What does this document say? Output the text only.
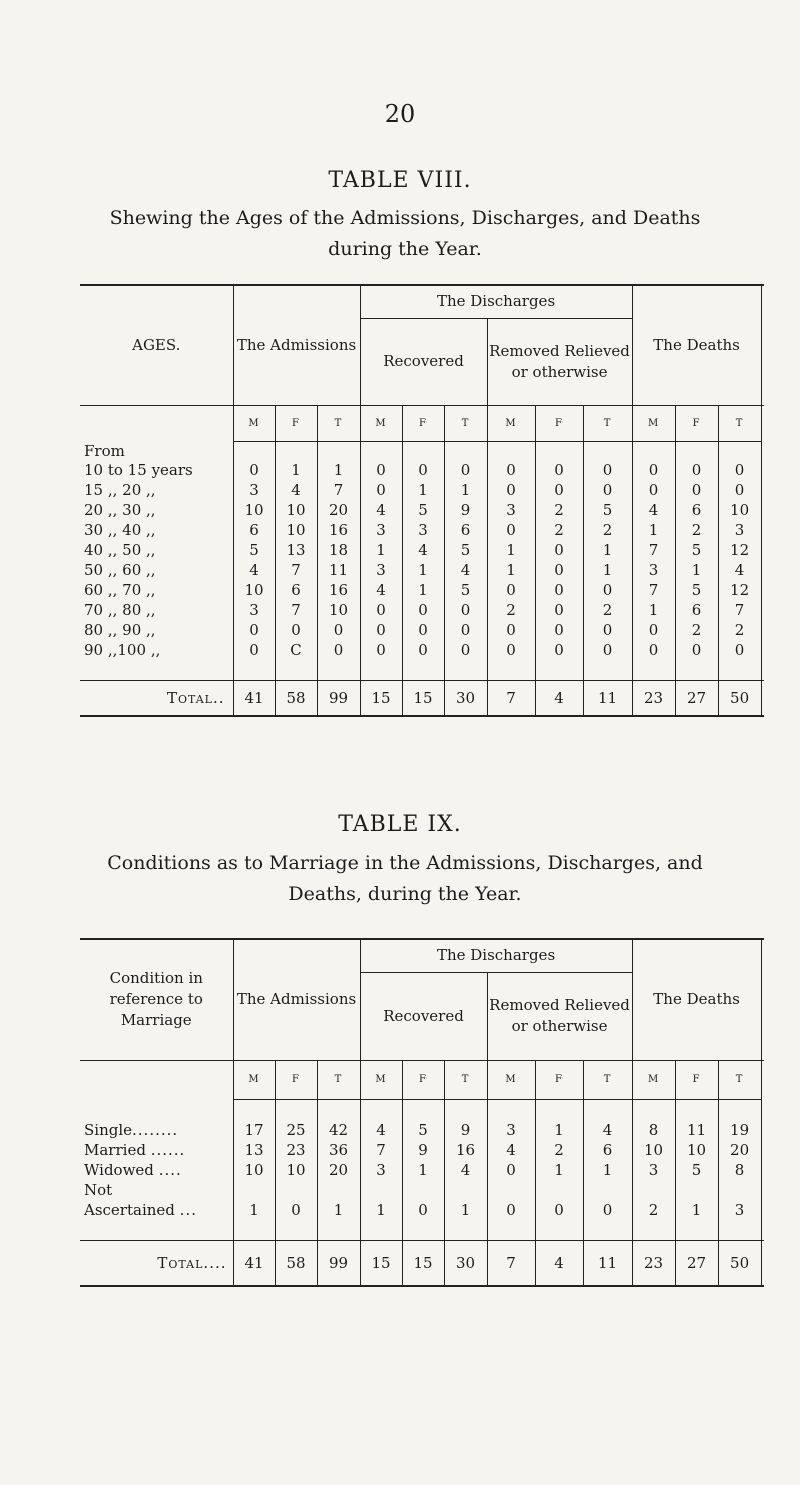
20
TABLE VIII.
Shewing the Ages of the Admissions, Discharges, and Deaths during the Year.
AGES.	The Admissions			The Discharges						The Deaths			
				Recovered			Removed Relieved or otherwise						
	M	F	T	M	F	T	M	F	T	M	F	T	
From													
10 to 15 years	0	1	1	0	0	0	0	0	0	0	0	0	
15 ,, 20 ,,	3	4	7	0	1	1	0	0	0	0	0	0	
20 ,, 30 ,,	10	10	20	4	5	9	3	2	5	4	6	10	
30 ,, 40 ,,	6	10	16	3	3	6	0	2	2	1	2	3	
40 ,, 50 ,,	5	13	18	1	4	5	1	0	1	7	5	12	
50 ,, 60 ,,	4	7	11	3	1	4	1	0	1	3	1	4	
60 ,, 70 ,,	10	6	16	4	1	5	0	0	0	7	5	12	
70 ,, 80 ,,	3	7	10	0	0	0	2	0	2	1	6	7	
80 ,, 90 ,,	0	0	0	0	0	0	0	0	0	0	2	2	
90 ,,100 ,,	0	C	0	0	0	0	0	0	0	0	0	0	

Total..	41	58	99	15	15	30	7	4	11	23	27	50	
TABLE IX.
Conditions as to Marriage in the Admissions, Discharges, and Deaths, during the Year.
Condition in reference to Marriage	The Admissions			The Discharges						The Deaths			
				Recovered			Removed Relieved or otherwise						
	M	F	T	M	F	T	M	F	T	M	F	T	

Single........	17	25	42	4	5	9	3	1	4	8	11	19	
Married ......	13	23	36	7	9	16	4	2	6	10	10	20	
Widowed ....	10	10	20	3	1	4	0	1	1	3	5	8	
Not													
Ascertained ...	1	0	1	1	0	1	0	0	0	2	1	3	

Total....	41	58	99	15	15	30	7	4	11	23	27	50	
